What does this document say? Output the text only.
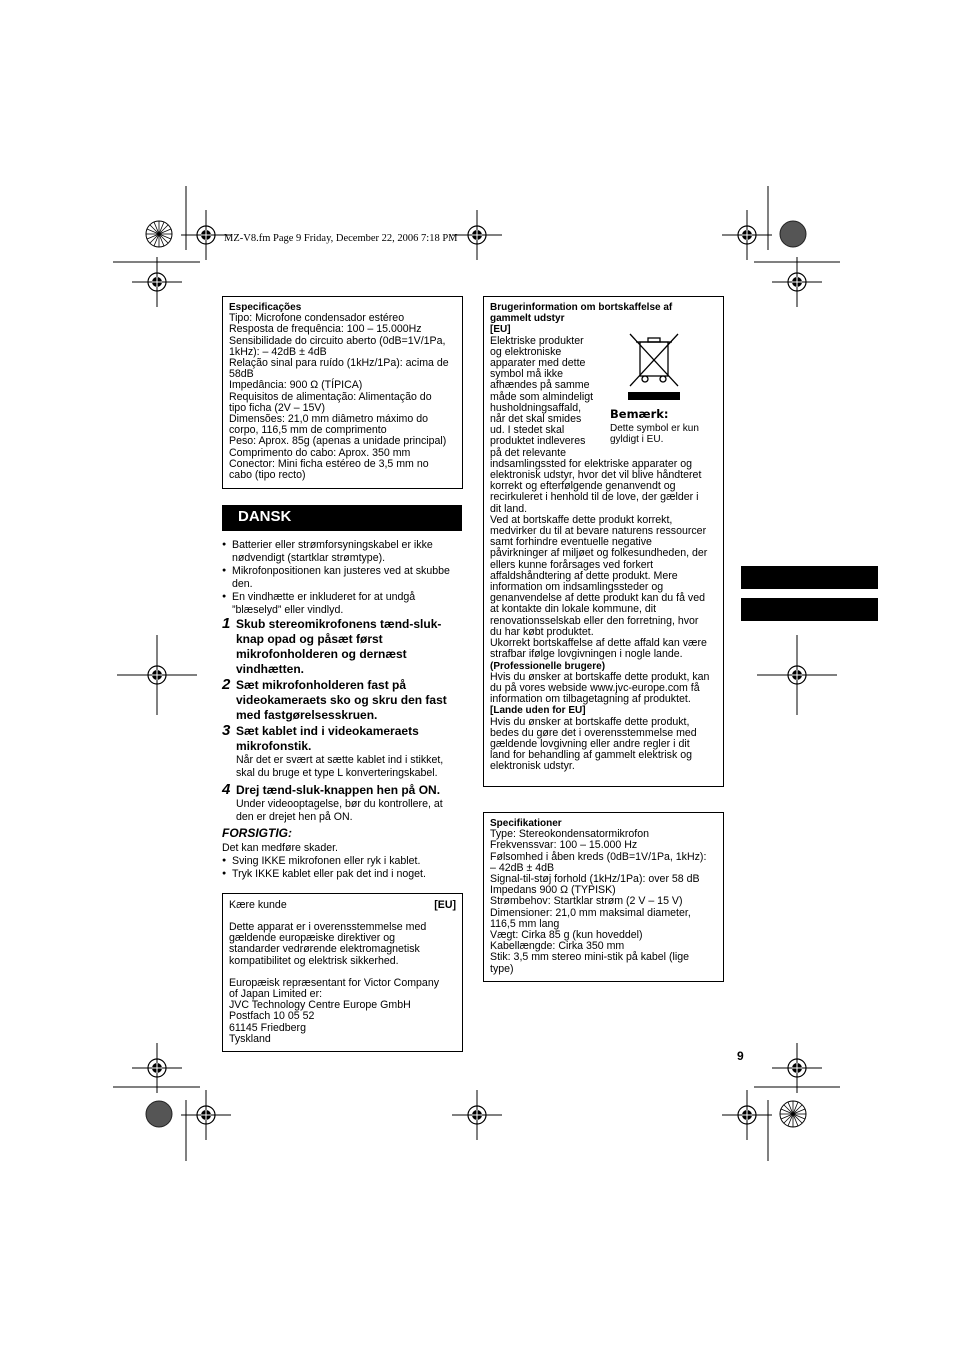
MZ-V8.fm Page 9 Friday, December 22, 2006 7:18 PM
Especificações
Tipo: Microfone condensador estéreo
Resposta de frequência: 100 – 15.000Hz
Sensibilidade do circuito aberto (0dB=1V/1Pa,
1kHz): – 42dB ± 4dB
Relação sinal para ruído (1kHz/1Pa): acima de
58dB
Impedância: 900 Ω (TÍPICA)
Requisitos de alimentação: Alimentação do
tipo ficha (2V – 15V)
Dimensões: 21,0 mm diâmetro máximo do
corpo, 116,5 mm de comprimento
Peso: Aprox. 85g (apenas a unidade principal)
Comprimento do cabo: Aprox. 350 mm
Conector: Mini ficha estéreo de 3,5 mm no
cabo (tipo recto)
DANSK
● Batterier eller strømforsyningskabel er ikke
nødvendigt (startklar strømtype).
● Mikrofonpositionen kan justeres ved at skubbe
den.
● En vindhætte er inkluderet for at undgå
”blæselyd” eller vindlyd.
1 Skub stereomikrofonens tænd-sluk-
knap opad og påsæt først
mikrofonholderen og dernæst
vindhætten.
2 Sæt mikrofonholderen fast på
videokameraets sko og skru den fast
med fastgørelsesskruen.
3 Sæt kablet ind i videokameraets
mikrofonstik.
Når det er svært at sætte kablet ind i stikket,
skal du bruge et type L konverteringskabel.
4 Drej tænd-sluk-knappen hen på ON.
Under videooptagelse, bør du kontrollere, at
den er drejet hen på ON.
FORSIGTIG:
Det kan medføre skader.
● Sving IKKE mikrofonen eller ryk i kablet.
● Tryk IKKE kablet eller pak det ind i noget.
Kære kunde	[EU]
Dette apparat er i overensstemmelse med
gældende europæiske direktiver og
standarder vedrørende elektromagnetisk
kompatibilitet og elektrisk sikkerhed.
Europæisk repræsentant for Victor Company
of Japan Limited er:
JVC Technology Centre Europe GmbH
Postfach 10 05 52
61145 Friedberg
Tyskland
Brugerinformation om bortskaffelse af
gammelt udstyr
[EU]
Elektriske produkter
og elektroniske
apparater med dette
symbol må ikke
afhændes på samme
måde som almindeligt
husholdningsaffald,
når det skal smides
ud. I stedet skal
produktet indleveres
på det relevante
Bemærk:
Dette symbol er kun
gyldigt i EU.
indsamlingssted for elektriske apparater og
elektronisk udstyr, hvor det vil blive håndteret
korrekt og efterfølgende genanvendt og
recirkuleret i henhold til de love, der gælder i
dit land.
Ved at bortskaffe dette produkt korrekt,
medvirker du til at bevare naturens ressourcer
samt forhindre eventuelle negative
påvirkninger af miljøet og folkesundheden, der
ellers kunne forårsages ved forkert
affaldshåndtering af dette produkt. Mere
information om indsamlingssteder og
genanvendelse af dette produkt kan du få ved
at kontakte din lokale kommune, dit
renovationsselskab eller den forretning, hvor
du har købt produktet.
Ukorrekt bortskaffelse af dette affald kan være
strafbar ifølge lovgivningen i nogle lande.
(Professionelle brugere)
Hvis du ønsker at bortskaffe dette produkt, kan
du på vores webside www.jvc-europe.com få
information om tilbagetagning af produktet.
[Lande uden for EU]
Hvis du ønsker at bortskaffe dette produkt,
bedes du gøre det i overensstemmelse med
gældende lovgivning eller andre regler i dit
land for behandling af gammelt elektrisk og
elektronisk udstyr.
Specifikationer
Type: Stereokondensatormikrofon
Frekvenssvar: 100 – 15.000 Hz
Følsomhed i åben kreds (0dB=1V/1Pa, 1kHz):
– 42dB ± 4dB
Signal-til-støj forhold (1kHz/1Pa): over 58 dB
Impedans 900 Ω (TYPISK)
Strømbehov: Startklar strøm (2 V – 15 V)
Dimensioner: 21,0 mm maksimal diameter,
116,5 mm lang
Vægt: Cirka 85 g (kun hoveddel)
Kabellængde: Cirka 350 mm
Stik: 3,5 mm stereo mini-stik på kabel (lige
type)
9
